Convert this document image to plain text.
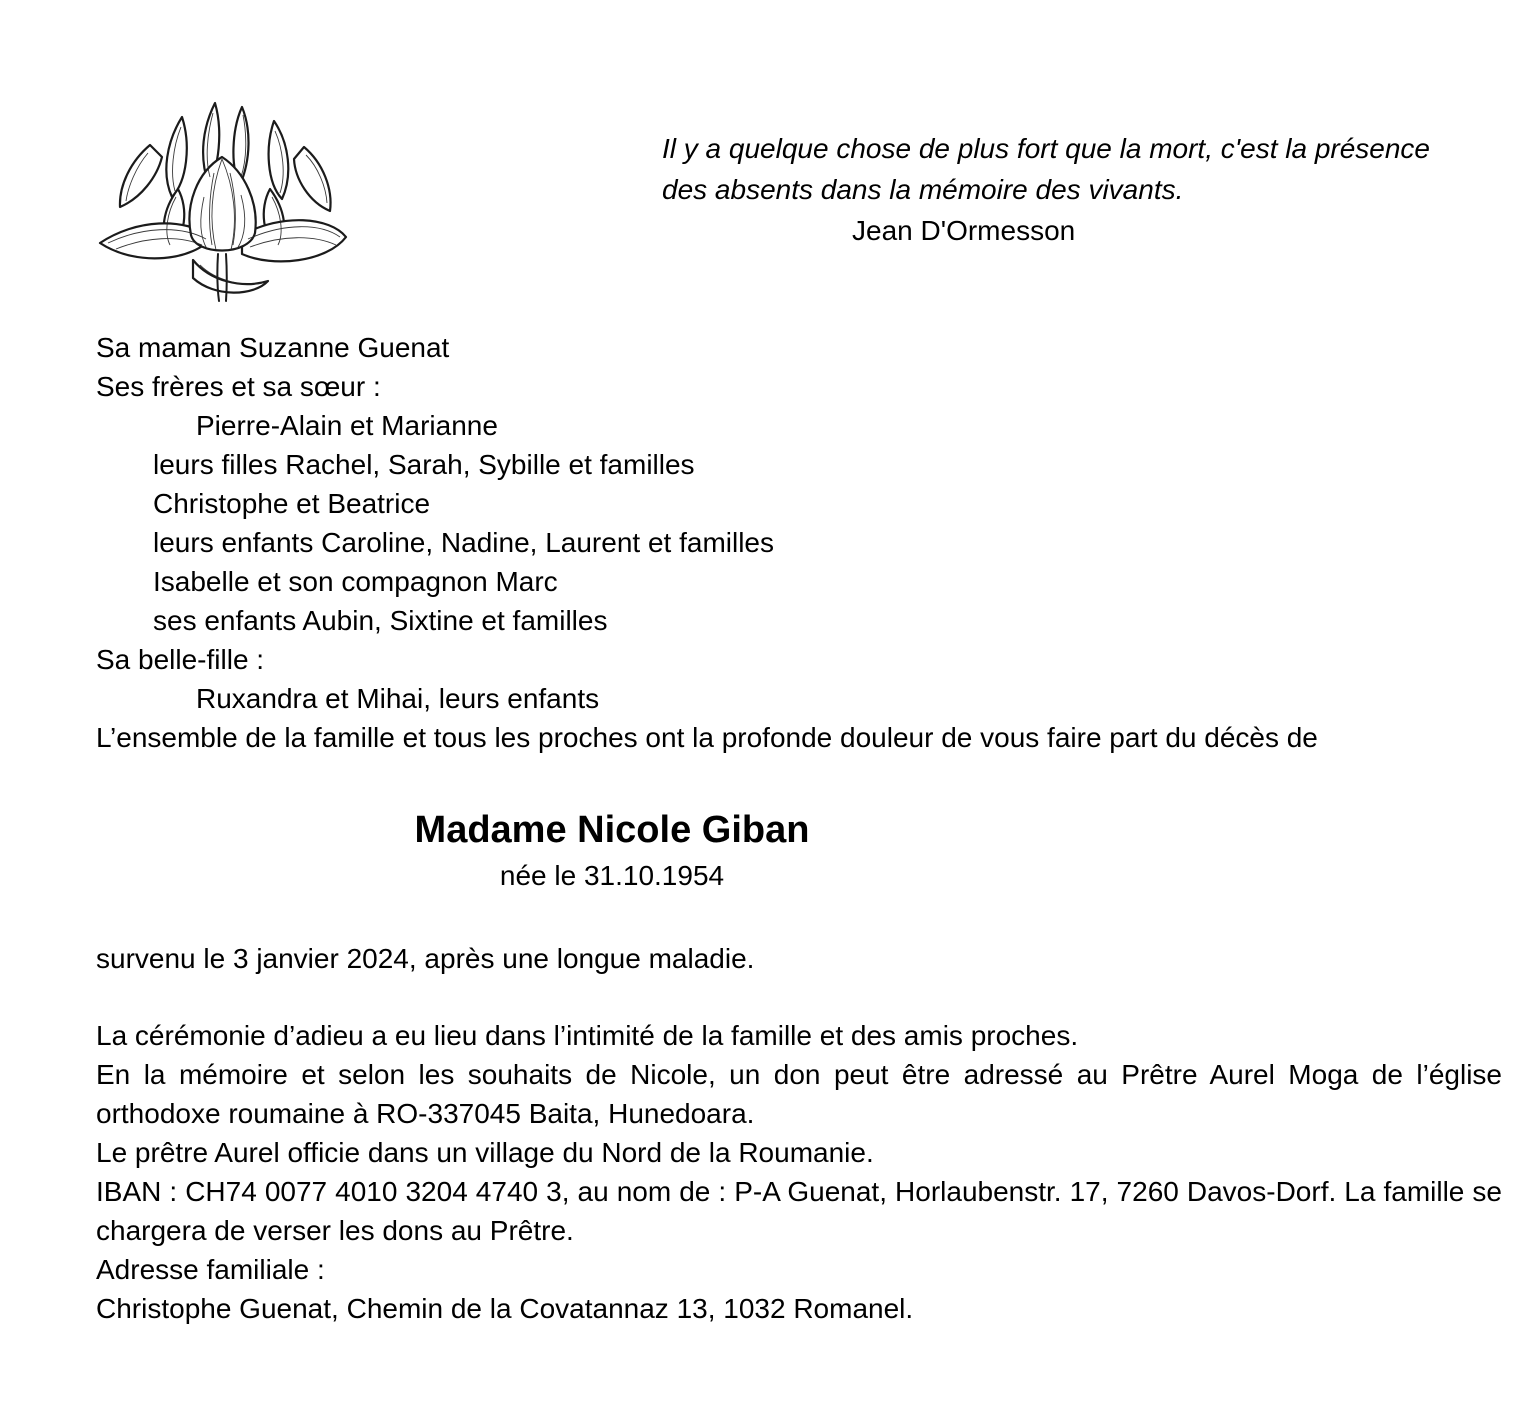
Il y a quelque chose de plus fort que la mort, c'est la présence
des absents dans la mémoire des vivants.
Jean D'Ormesson
Sa maman Suzanne Guenat
Ses frères et sa sœur :
Pierre-Alain et Marianne
leurs filles Rachel, Sarah, Sybille et familles
Christophe et Beatrice
leurs enfants Caroline, Nadine, Laurent et familles
Isabelle et son compagnon Marc
ses enfants Aubin, Sixtine et familles
Sa belle-fille :
Ruxandra et Mihai, leurs enfants
L’ensemble de la famille et tous les proches ont la profonde douleur de vous faire part du décès de
Madame Nicole Giban
née le 31.10.1954
survenu le 3 janvier 2024, après une longue maladie.

La cérémonie d’adieu a eu lieu dans l’intimité de la famille et des amis proches.

En la mémoire et selon les souhaits de Nicole, un don peut être adressé au Prêtre Aurel Moga de l’église orthodoxe roumaine à RO-337045 Baita, Hunedoara.

Le prêtre Aurel officie dans un village du Nord de la Roumanie.

IBAN : CH74 0077 4010 3204 4740 3, au nom de : P-A Guenat, Horlaubenstr. 17, 7260 Davos-Dorf. La famille se chargera de verser les dons au Prêtre.

Adresse familiale :

Christophe Guenat, Chemin de la Covatannaz 13, 1032 Romanel.
